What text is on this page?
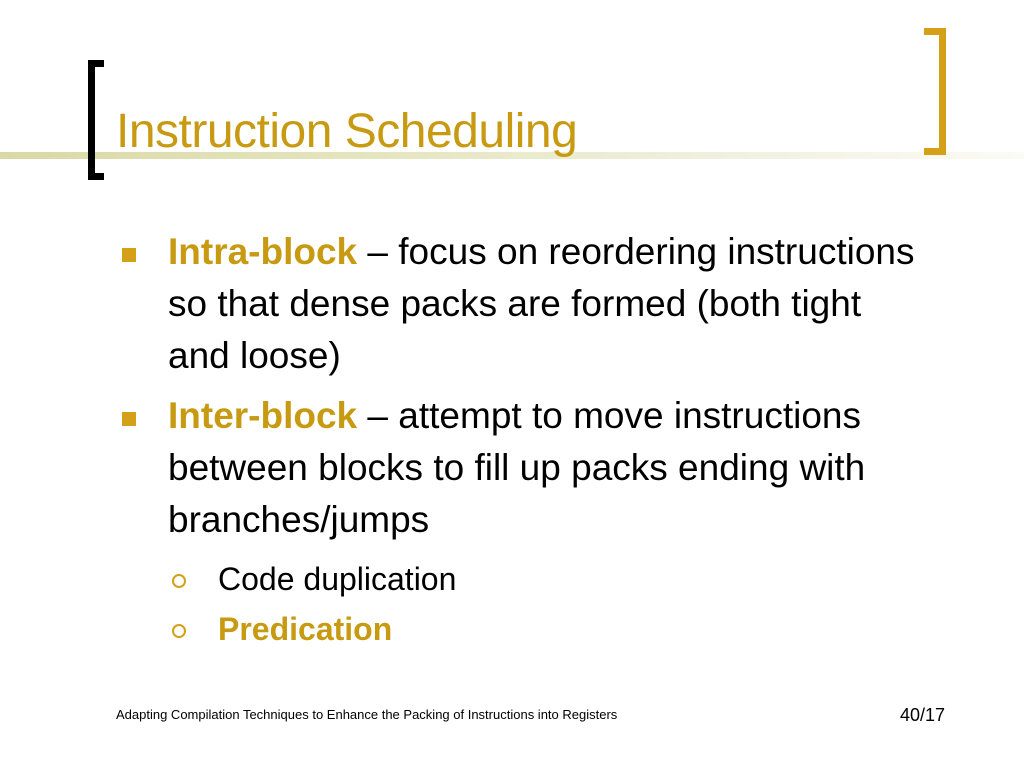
Instruction Scheduling
Intra-block – focus on reordering instructions so that dense packs are formed (both tight and loose)
Inter-block – attempt to move instructions between blocks to fill up packs ending with branches/jumps
Code duplication
Predication
Adapting Compilation Techniques to Enhance the Packing of Instructions into Registers	40/17
